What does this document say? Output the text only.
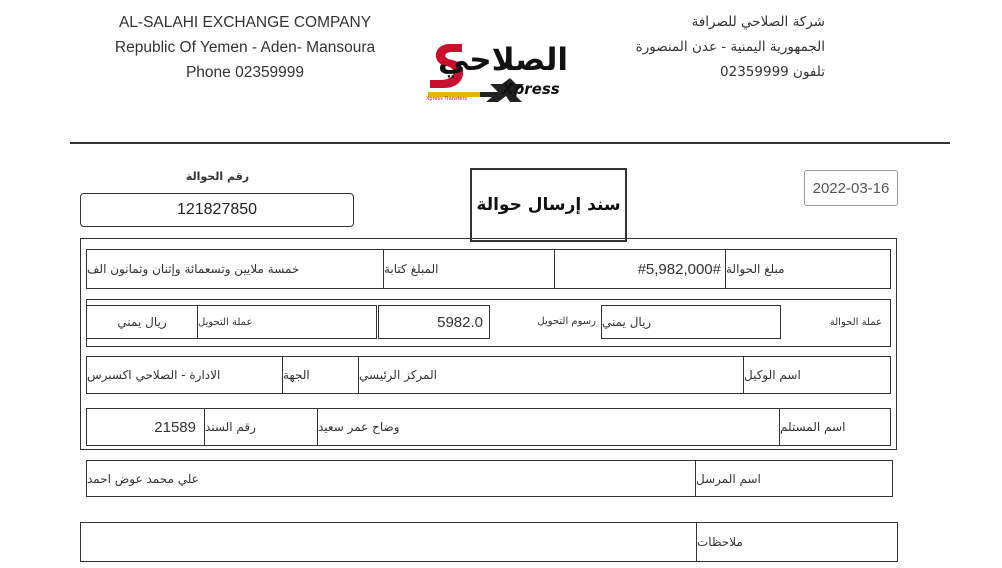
AL-SALAHI EXCHANGE COMPANY
Republic Of Yemen - Aden- Mansoura
Phone 02359999	الصلاحي
Xpress
Xpress Transfers
شركة الصلاحي للصرافة
الجمهورية اليمنية - عدن المنصورة
تلفون 02359999
رقم الحوالة
121827850	سند إرسال حوالة
2022-03-16
خمسة ملايين وتسعمائة وإثنان وثمانون الف	المبلغ كتابة	#5,982,000# مبلغ الحوالة
ريال يمني	عملة التحويل	5982.0	رسوم التحويل ريال يمني	عملة الحوالة
الادارة - الصلاحي اكسبرس	الجهة	المركز الرئيسي	اسم الوكيل
21589 رقم السند	وضاح عمر سعيد	اسم المستلم
علي محمد عوض احمد	اسم المرسل
ملاحظات
